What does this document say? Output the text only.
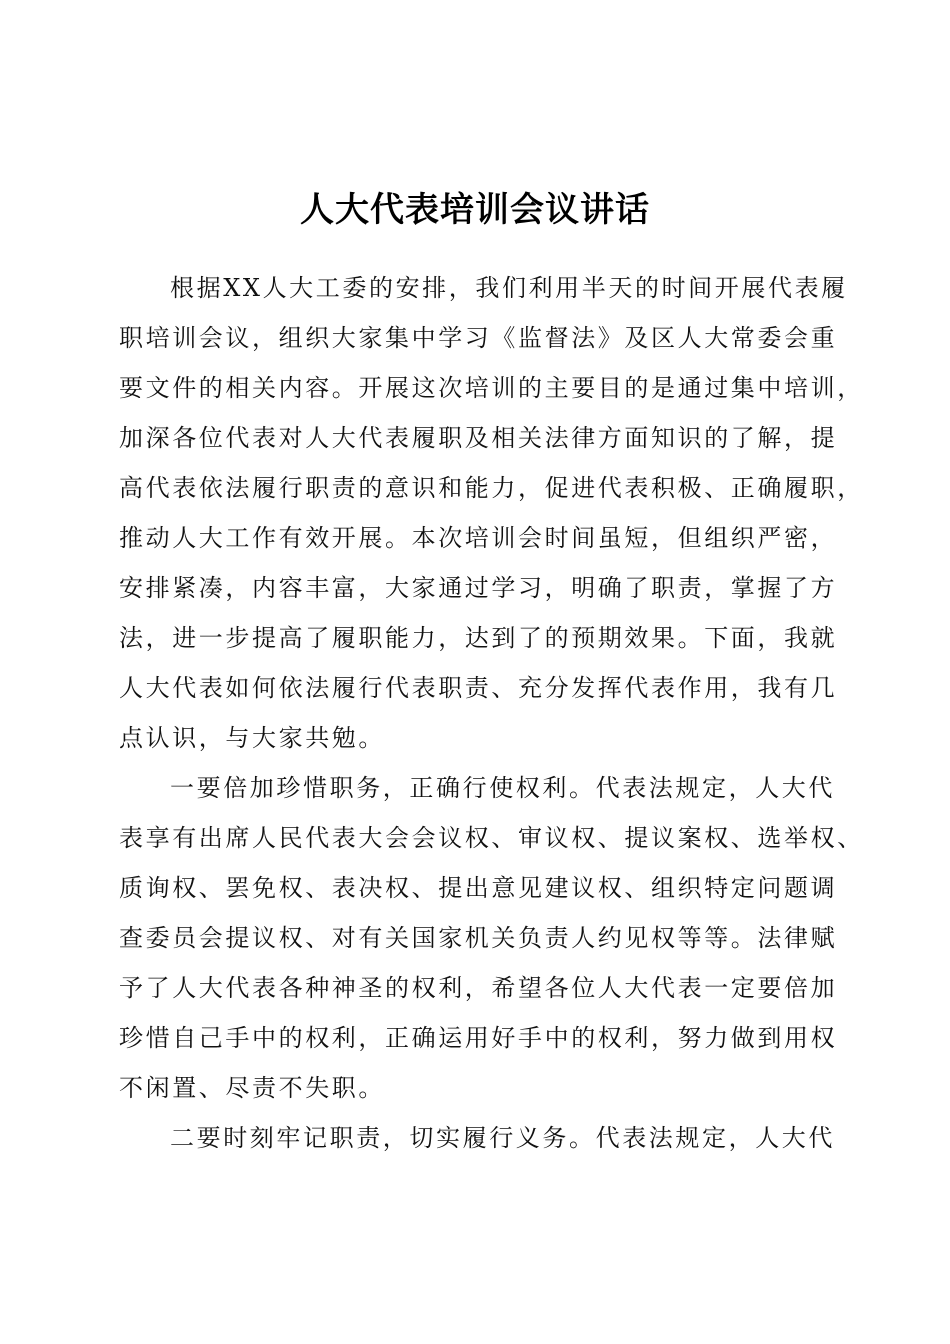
人大代表培训会议讲话
根据XX人大工委的安排，我们利用半天的时间开展代表履
职培训会议，组织大家集中学习《监督法》及区人大常委会重
要文件的相关内容。开展这次培训的主要目的是通过集中培训，
加深各位代表对人大代表履职及相关法律方面知识的了解，提
高代表依法履行职责的意识和能力，促进代表积极、正确履职，
推动人大工作有效开展。本次培训会时间虽短，但组织严密，
安排紧凑，内容丰富，大家通过学习，明确了职责，掌握了方
法，进一步提高了履职能力，达到了的预期效果。下面，我就
人大代表如何依法履行代表职责、充分发挥代表作用，我有几
点认识，与大家共勉。
一要倍加珍惜职务，正确行使权利。代表法规定，人大代
表享有出席人民代表大会会议权、审议权、提议案权、选举权、
质询权、罢免权、表决权、提出意见建议权、组织特定问题调
查委员会提议权、对有关国家机关负责人约见权等等。法律赋
予了人大代表各种神圣的权利，希望各位人大代表一定要倍加
珍惜自己手中的权利，正确运用好手中的权利，努力做到用权
不闲置、尽责不失职。
二要时刻牢记职责，切实履行义务。代表法规定，人大代
